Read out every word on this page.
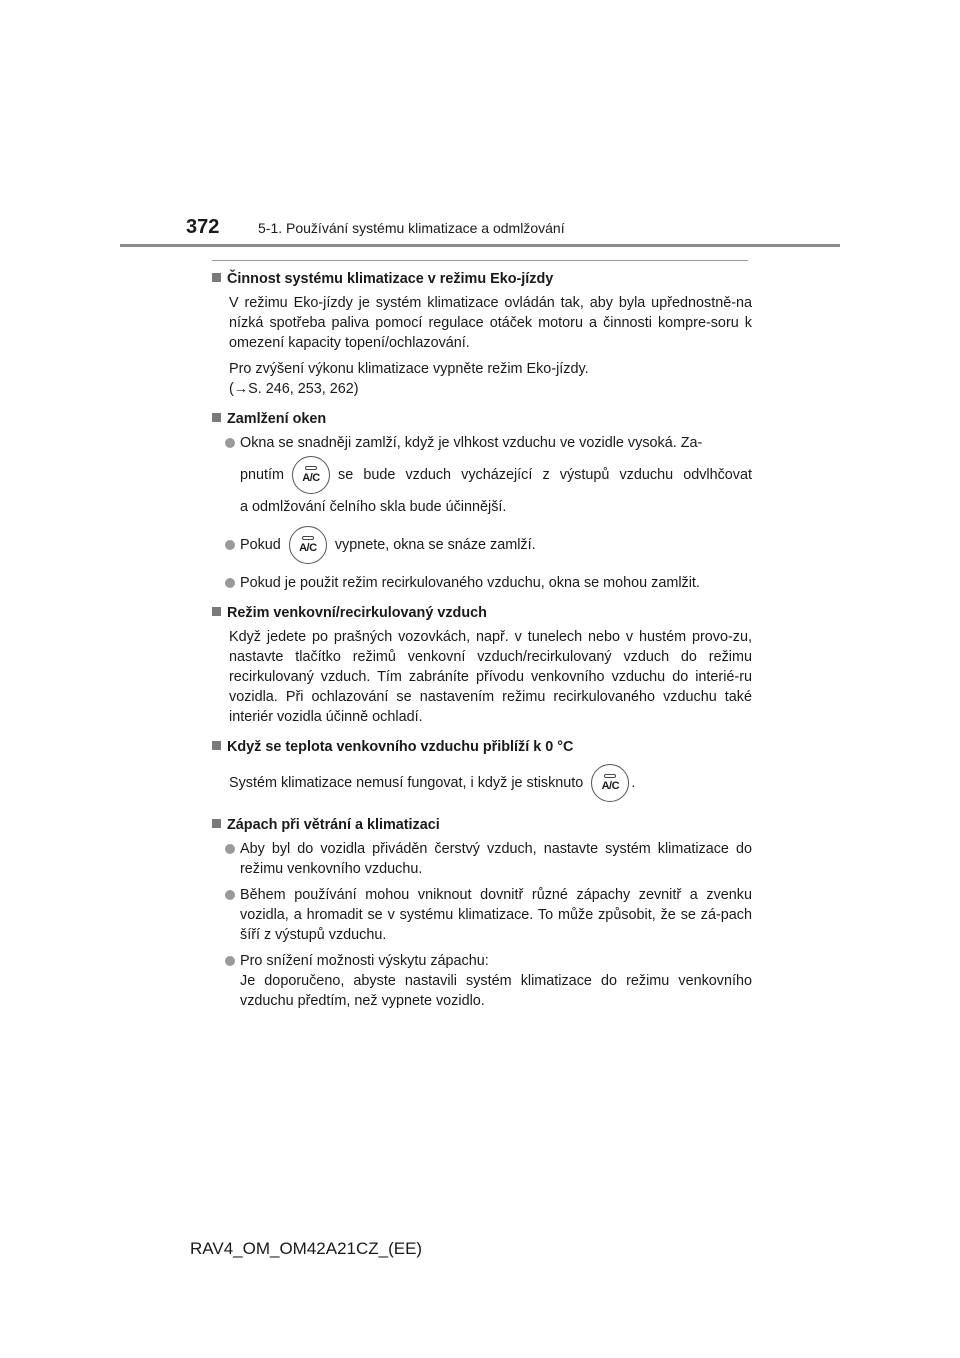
372	5-1. Používání systému klimatizace a odmlžování
Činnost systému klimatizace v režimu Eko-jízdy
V režimu Eko-jízdy je systém klimatizace ovládán tak, aby byla upřednostně-na nízká spotřeba paliva pomocí regulace otáček motoru a činnosti kompre-soru k omezení kapacity topení/ochlazování.
Pro zvýšení výkonu klimatizace vypněte režim Eko-jízdy.
(→S. 246, 253, 262)
Zamlžení oken
Okna se snadněji zamlží, když je vlhkost vzduchu ve vozidle vysoká. Za-
pnutím A/C se bude vzduch vycházející z výstupů vzduchu odvlhčovat
a odmlžování čelního skla bude účinnější.
Pokud A/C vypnete, okna se snáze zamlží.
Pokud je použit režim recirkulovaného vzduchu, okna se mohou zamlžit.
Režim venkovní/recirkulovaný vzduch
Když jedete po prašných vozovkách, např. v tunelech nebo v hustém provo-zu, nastavte tlačítko režimů venkovní vzduch/recirkulovaný vzduch do režimu recirkulovaný vzduch. Tím zabráníte přívodu venkovního vzduchu do interié-ru vozidla. Při ochlazování se nastavením režimu recirkulovaného vzduchu také interiér vozidla účinně ochladí.
Když se teplota venkovního vzduchu přiblíží k 0 °C
Systém klimatizace nemusí fungovat, i když je stisknuto A/C .
Zápach při větrání a klimatizaci
Aby byl do vozidla přiváděn čerstvý vzduch, nastavte systém klimatizace do režimu venkovního vzduchu.
Během používání mohou vniknout dovnitř různé zápachy zevnitř a zvenku vozidla, a hromadit se v systému klimatizace. To může způsobit, že se zá-pach šíří z výstupů vzduchu.
Pro snížení možnosti výskytu zápachu:
Je doporučeno, abyste nastavili systém klimatizace do režimu venkovního vzduchu předtím, než vypnete vozidlo.
RAV4_OM_OM42A21CZ_(EE)
